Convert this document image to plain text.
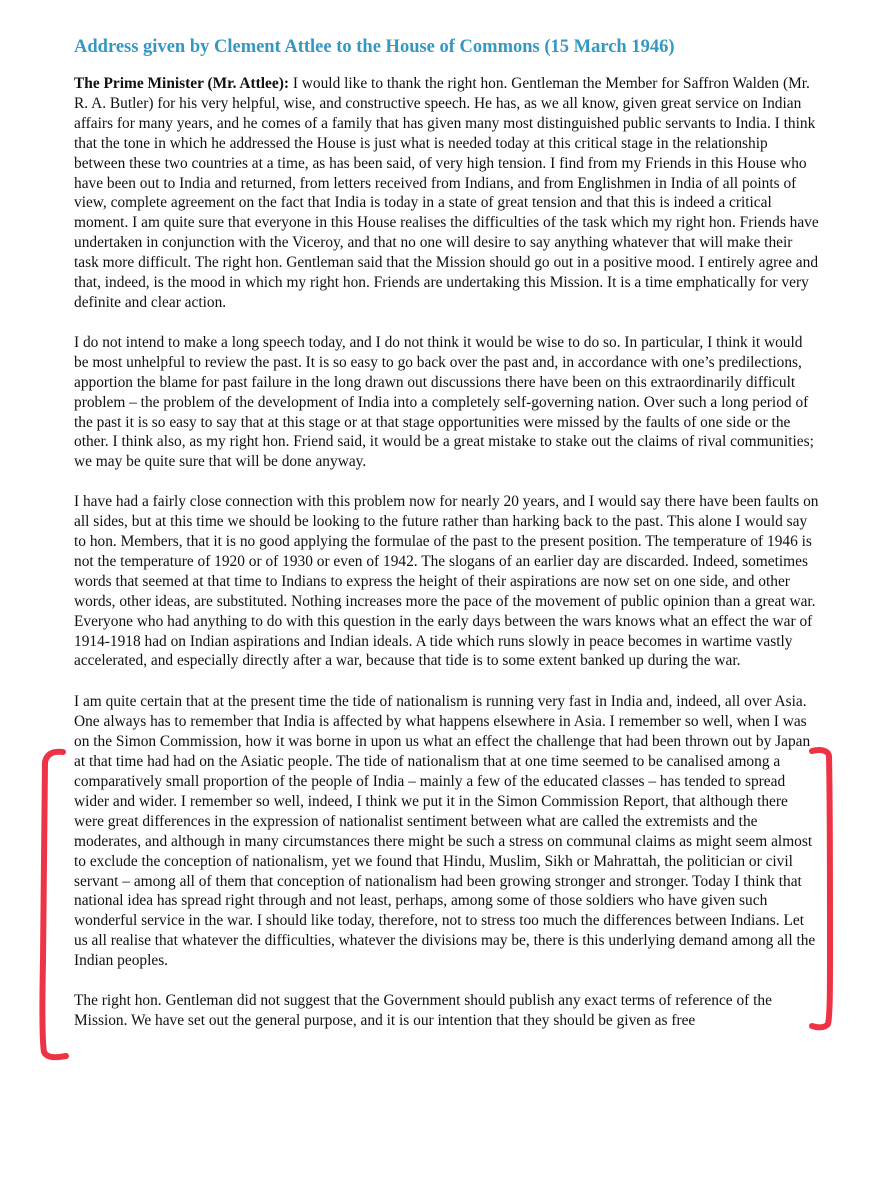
Address given by Clement Attlee to the House of Commons (15 March 1946)

The Prime Minister (Mr. Attlee): I would like to thank the right hon. Gentleman the Member for Saffron Walden (Mr. R. A. Butler) for his very helpful, wise, and constructive speech. He has, as we all know, given great service on Indian affairs for many years, and he comes of a family that has given many most distinguished public servants to India. I think that the tone in which he addressed the House is just what is needed today at this critical stage in the relationship between these two countries at a time, as has been said, of very high tension. I find from my Friends in this House who have been out to India and returned, from letters received from Indians, and from Englishmen in India of all points of view, complete agreement on the fact that India is today in a state of great tension and that this is indeed a critical moment. I am quite sure that everyone in this House realises the difficulties of the task which my right hon. Friends have undertaken in conjunction with the Viceroy, and that no one will desire to say anything whatever that will make their task more difficult. The right hon. Gentleman said that the Mission should go out in a positive mood. I entirely agree and that, indeed, is the mood in which my right hon. Friends are undertaking this Mission. It is a time emphatically for very definite and clear action.

I do not intend to make a long speech today, and I do not think it would be wise to do so. In particular, I think it would be most unhelpful to review the past. It is so easy to go back over the past and, in accordance with one’s predilections, apportion the blame for past failure in the long drawn out discussions there have been on this extraordinarily difficult problem – the problem of the development of India into a completely self-governing nation. Over such a long period of the past it is so easy to say that at this stage or at that stage opportunities were missed by the faults of one side or the other. I think also, as my right hon. Friend said, it would be a great mistake to stake out the claims of rival communities; we may be quite sure that will be done anyway.

I have had a fairly close connection with this problem now for nearly 20 years, and I would say there have been faults on all sides, but at this time we should be looking to the future rather than harking back to the past. This alone I would say to hon. Members, that it is no good applying the formulae of the past to the present position. The temperature of 1946 is not the temperature of 1920 or of 1930 or even of 1942. The slogans of an earlier day are discarded. Indeed, sometimes words that seemed at that time to Indians to express the height of their aspirations are now set on one side, and other words, other ideas, are substituted. Nothing increases more the pace of the movement of public opinion than a great war. Everyone who had anything to do with this question in the early days between the wars knows what an effect the war of 1914-1918 had on Indian aspirations and Indian ideals. A tide which runs slowly in peace becomes in wartime vastly accelerated, and especially directly after a war, because that tide is to some extent banked up during the war.

I am quite certain that at the present time the tide of nationalism is running very fast in India and, indeed, all over Asia. One always has to remember that India is affected by what happens elsewhere in Asia. I remember so well, when I was on the Simon Commission, how it was borne in upon us what an effect the challenge that had been thrown out by Japan at that time had had on the Asiatic people. The tide of nationalism that at one time seemed to be canalised among a comparatively small proportion of the people of India – mainly a few of the educated classes – has tended to spread wider and wider. I remember so well, indeed, I think we put it in the Simon Commission Report, that although there were great differences in the expression of nationalist sentiment between what are called the extremists and the moderates, and although in many circumstances there might be such a stress on communal claims as might seem almost to exclude the conception of nationalism, yet we found that Hindu, Muslim, Sikh or Mahrattah, the politician or civil servant – among all of them that conception of nationalism had been growing stronger and stronger. Today I think that national idea has spread right through and not least, perhaps, among some of those soldiers who have given such wonderful service in the war. I should like today, therefore, not to stress too much the differences between Indians. Let us all realise that whatever the difficulties, whatever the divisions may be, there is this underlying demand among all the Indian peoples.

The right hon. Gentleman did not suggest that the Government should publish any exact terms of reference of the Mission. We have set out the general purpose, and it is our intention that they should be given as free
